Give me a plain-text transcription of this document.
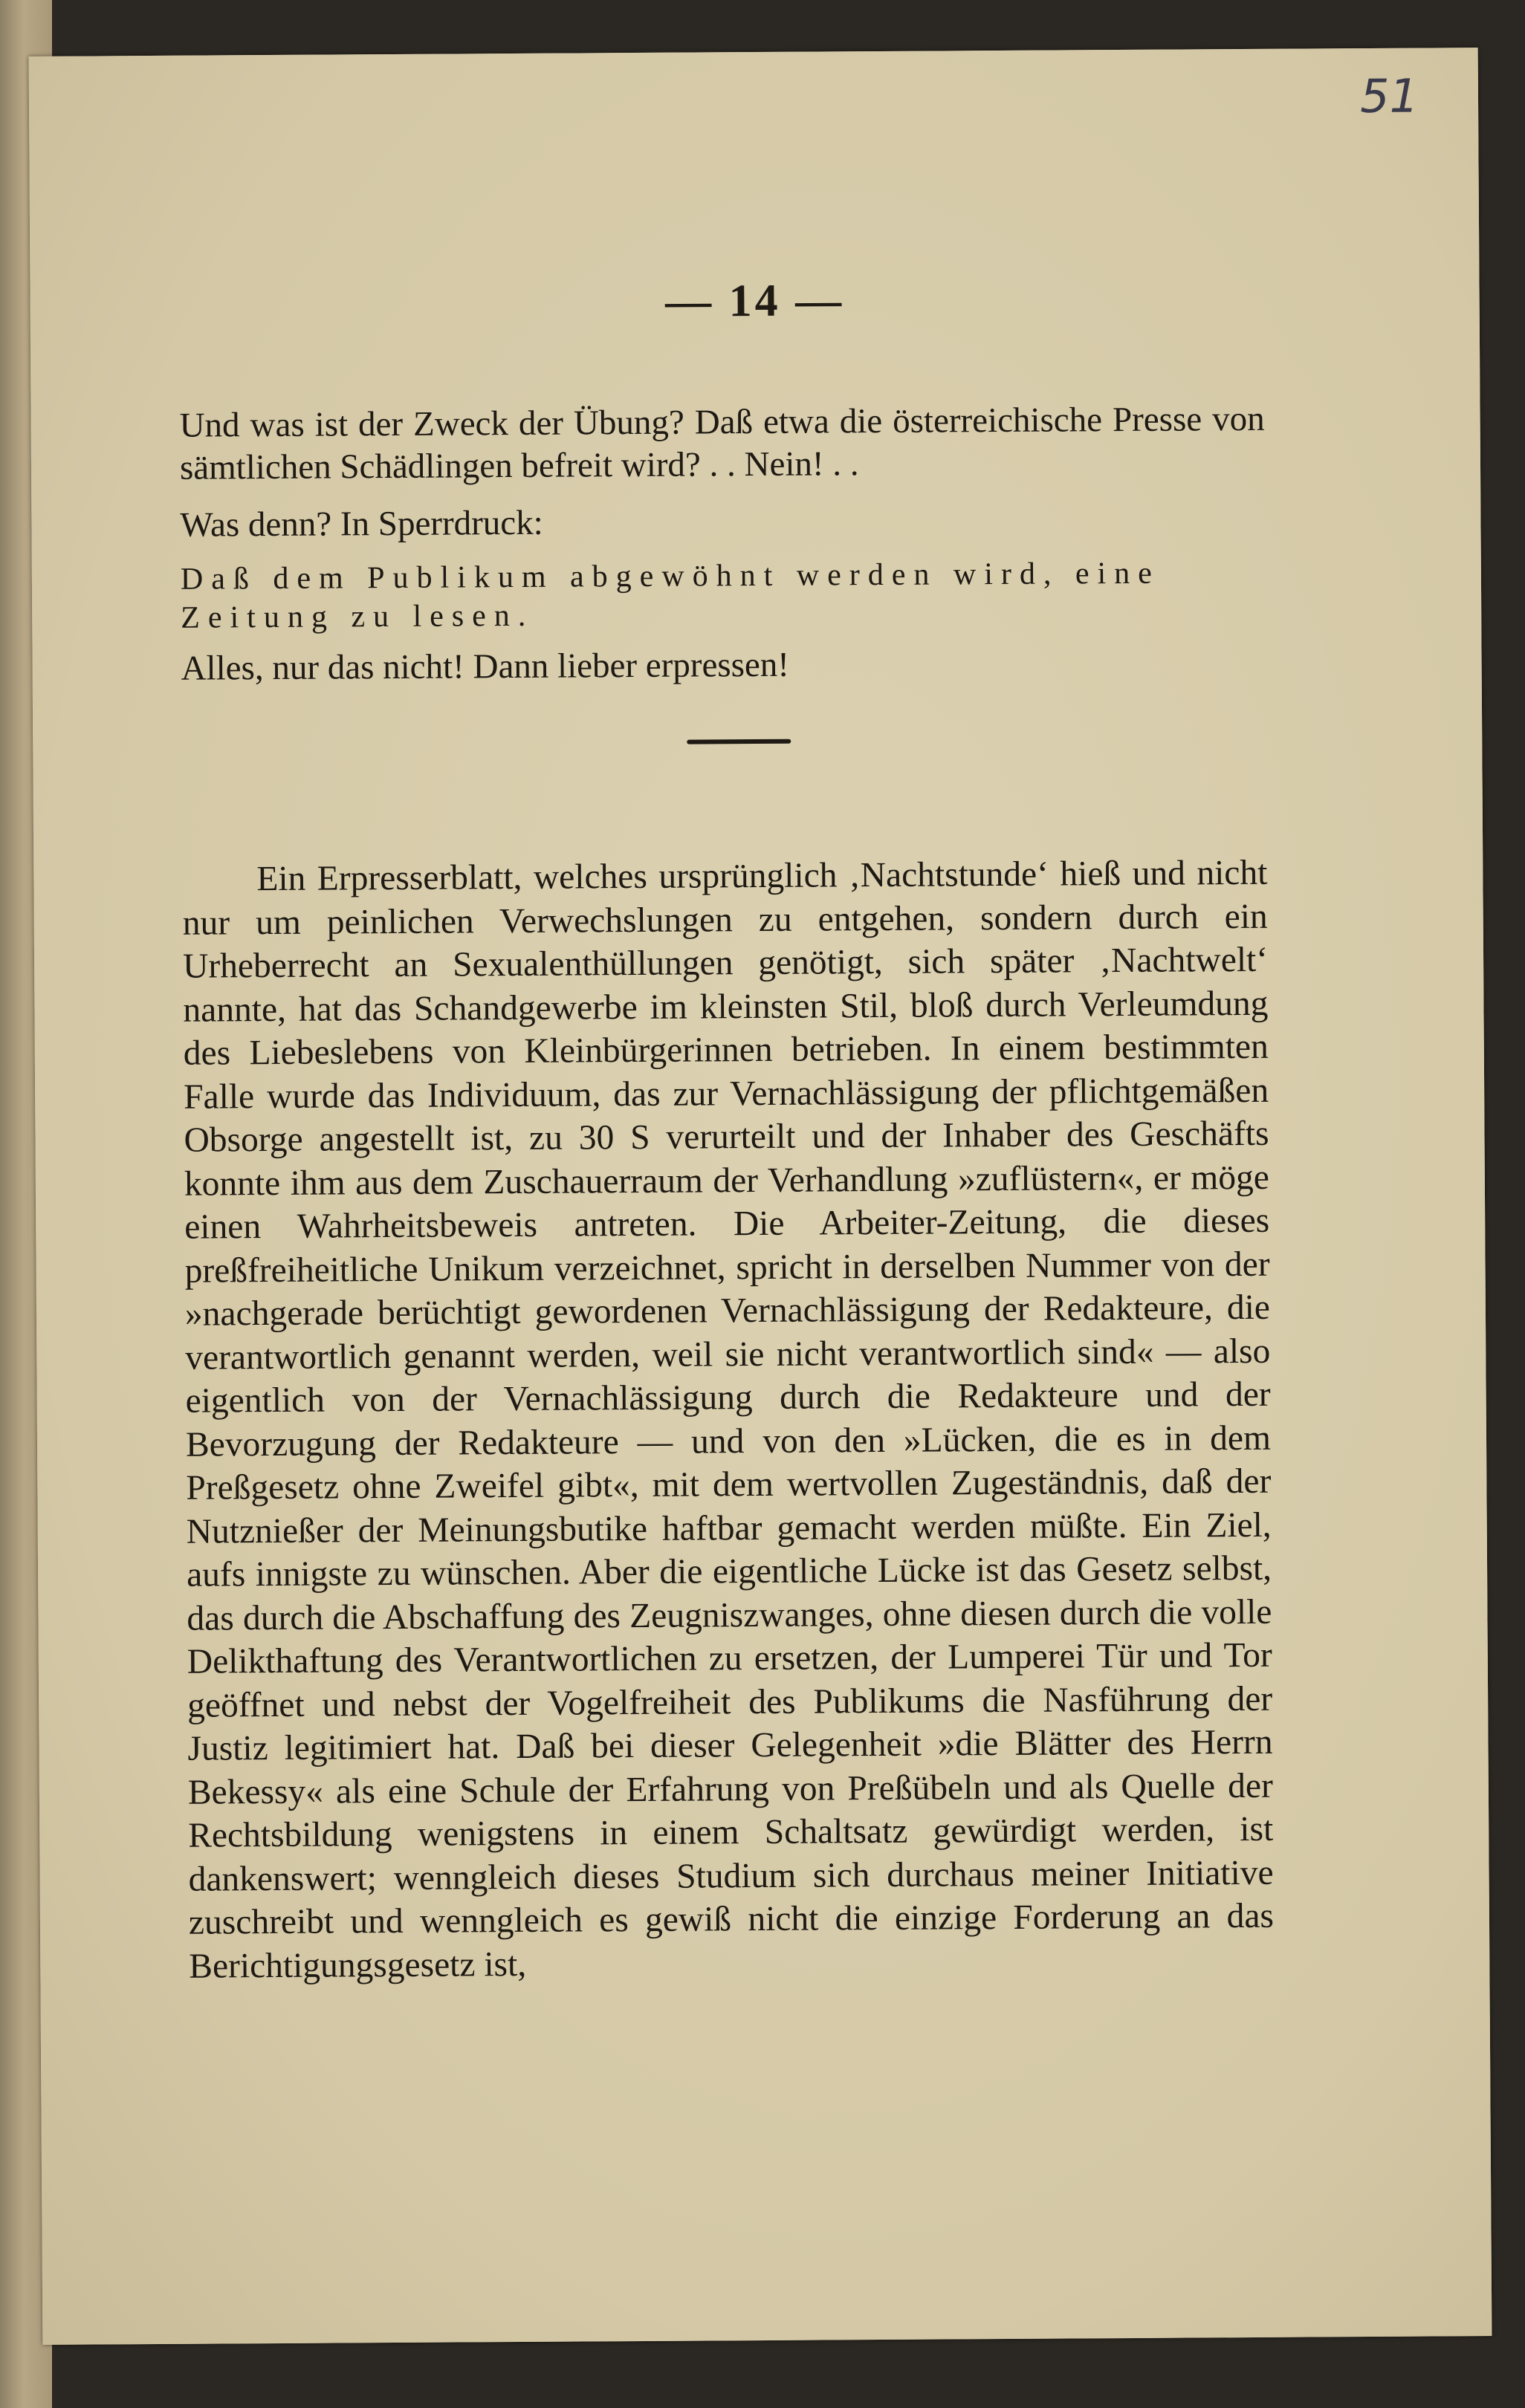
51
— 14 —

Und was ist der Zweck der Übung? Daß etwa die österreichische Presse von sämtlichen Schädlingen befreit wird? . . Nein! . .

Was denn? In Sperrdruck:

Daß dem Publikum abgewöhnt werden wird, eine Zeitung zu lesen.

Alles, nur das nicht! Dann lieber erpressen!

Ein Erpresserblatt, welches ursprünglich ‚Nachtstunde‘ hieß und nicht nur um peinlichen Verwechslungen zu entgehen, sondern durch ein Urheberrecht an Sexualenthüllungen genötigt, sich später ‚Nachtwelt‘ nannte, hat das Schandgewerbe im kleinsten Stil, bloß durch Verleumdung des Liebeslebens von Kleinbürgerinnen betrieben. In einem bestimmten Falle wurde das Individuum, das zur Vernachlässigung der pflichtgemäßen Obsorge angestellt ist, zu 30 S verurteilt und der Inhaber des Geschäfts konnte ihm aus dem Zuschauerraum der Verhandlung »zuflüstern«, er möge einen Wahrheitsbeweis antreten. Die Arbeiter-Zeitung, die dieses preßfreiheitliche Unikum verzeichnet, spricht in derselben Nummer von der »nachgerade berüchtigt gewordenen Vernachlässigung der Redakteure, die verantwortlich genannt werden, weil sie nicht verantwortlich sind« — also eigentlich von der Vernachlässigung durch die Redakteure und der Bevorzugung der Redakteure — und von den »Lücken, die es in dem Preßgesetz ohne Zweifel gibt«, mit dem wertvollen Zugeständnis, daß der Nutznießer der Meinungsbutike haftbar gemacht werden müßte. Ein Ziel, aufs innigste zu wünschen. Aber die eigentliche Lücke ist das Gesetz selbst, das durch die Abschaffung des Zeugniszwanges, ohne diesen durch die volle Delikthaftung des Verantwortlichen zu ersetzen, der Lumperei Tür und Tor geöffnet und nebst der Vogelfreiheit des Publikums die Nasführung der Justiz legitimiert hat. Daß bei dieser Gelegenheit »die Blätter des Herrn Bekessy« als eine Schule der Erfahrung von Preßübeln und als Quelle der Rechtsbildung wenigstens in einem Schaltsatz gewürdigt werden, ist dankenswert; wenngleich dieses Studium sich durchaus meiner Initiative zuschreibt und wenngleich es gewiß nicht die einzige Forderung an das Berichtigungsgesetz ist,
